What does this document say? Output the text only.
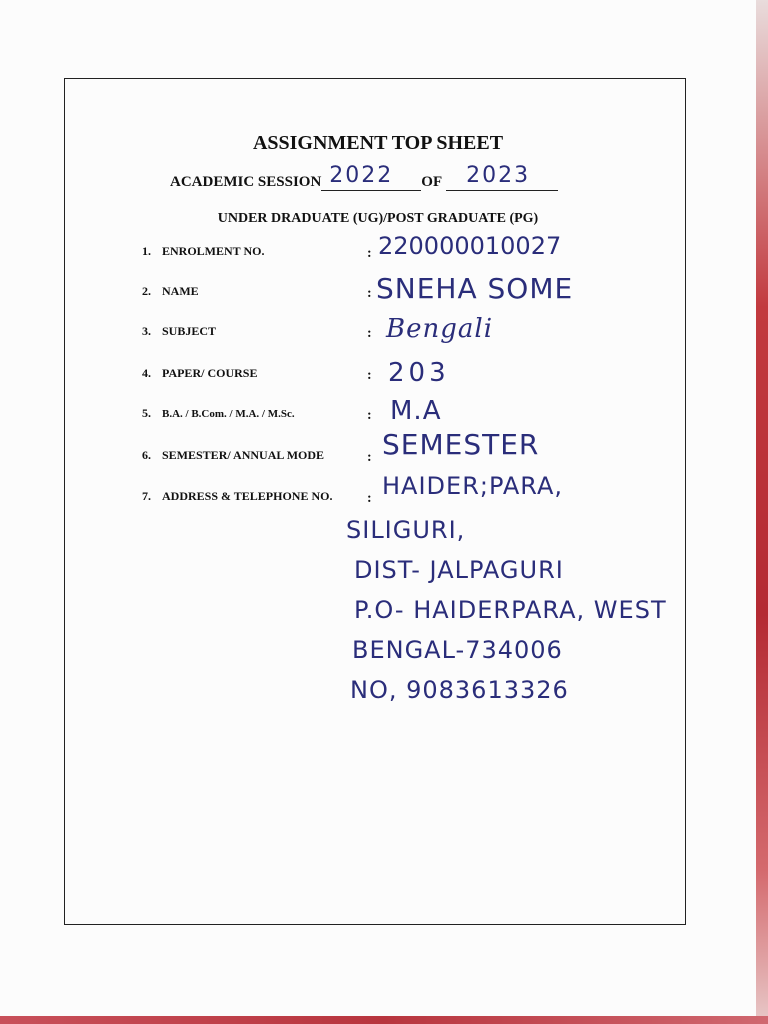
ASSIGNMENT TOP SHEET
ACADEMIC SESSION 2022 OF 2023
UNDER DRADUATE (UG)/POST GRADUATE (PG)
1. ENROLMENT NO.	: 220000010027
2. NAME	: SNEHA SOME
3. SUBJECT	: Bengali
4. PAPER/ COURSE	: 203
5. B.A. / B.Com. / M.A. / M.Sc.	: M.A
6. SEMESTER/ ANNUAL MODE	: SEMESTER
7. ADDRESS & TELEPHONE NO. : HAIDER;PARA,
SILIGURI,
DIST- JALPAGURI
P.O- HAIDERPARA, WEST
BENGAL-734006
NO, 9083613326
